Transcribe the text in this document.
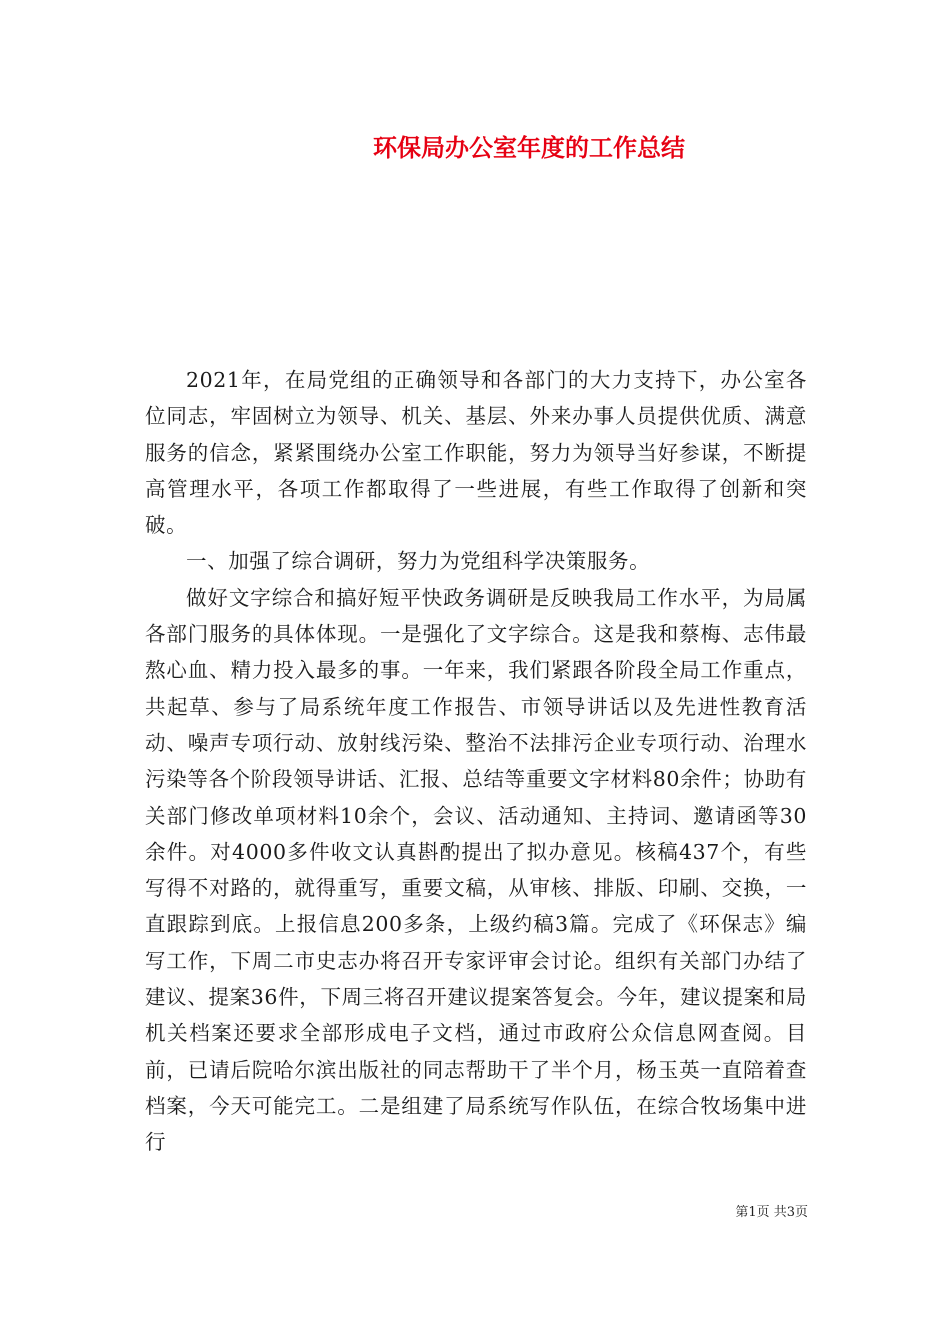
环保局办公室年度的工作总结

2021年，在局党组的正确领导和各部门的大力支持下，办公室各位同志，牢固树立为领导、机关、基层、外来办事人员提供优质、满意服务的信念，紧紧围绕办公室工作职能，努力为领导当好参谋，不断提高管理水平，各项工作都取得了一些进展，有些工作取得了创新和突破。

一、加强了综合调研，努力为党组科学决策服务。

做好文字综合和搞好短平快政务调研是反映我局工作水平，为局属各部门服务的具体体现。一是强化了文字综合。这是我和蔡梅、志伟最熬心血、精力投入最多的事。一年来，我们紧跟各阶段全局工作重点，共起草、参与了局系统年度工作报告、市领导讲话以及先进性教育活动、噪声专项行动、放射线污染、整治不法排污企业专项行动、治理水污染等各个阶段领导讲话、汇报、总结等重要文字材料80余件；协助有关部门修改单项材料10余个，会议、活动通知、主持词、邀请函等30余件。对4000多件收文认真斟酌提出了拟办意见。核稿437个，有些写得不对路的，就得重写，重要文稿，从审核、排版、印刷、交换，一直跟踪到底。上报信息200多条，上级约稿3篇。完成了《环保志》编写工作，下周二市史志办将召开专家评审会讨论。组织有关部门办结了建议、提案36件，下周三将召开建议提案答复会。今年，建议提案和局机关档案还要求全部形成电子文档，通过市政府公众信息网查阅。目前，已请后院哈尔滨出版社的同志帮助干了半个月，杨玉英一直陪着查档案，今天可能完工。二是组建了局系统写作队伍，在综合牧场集中进行

第1页 共3页
